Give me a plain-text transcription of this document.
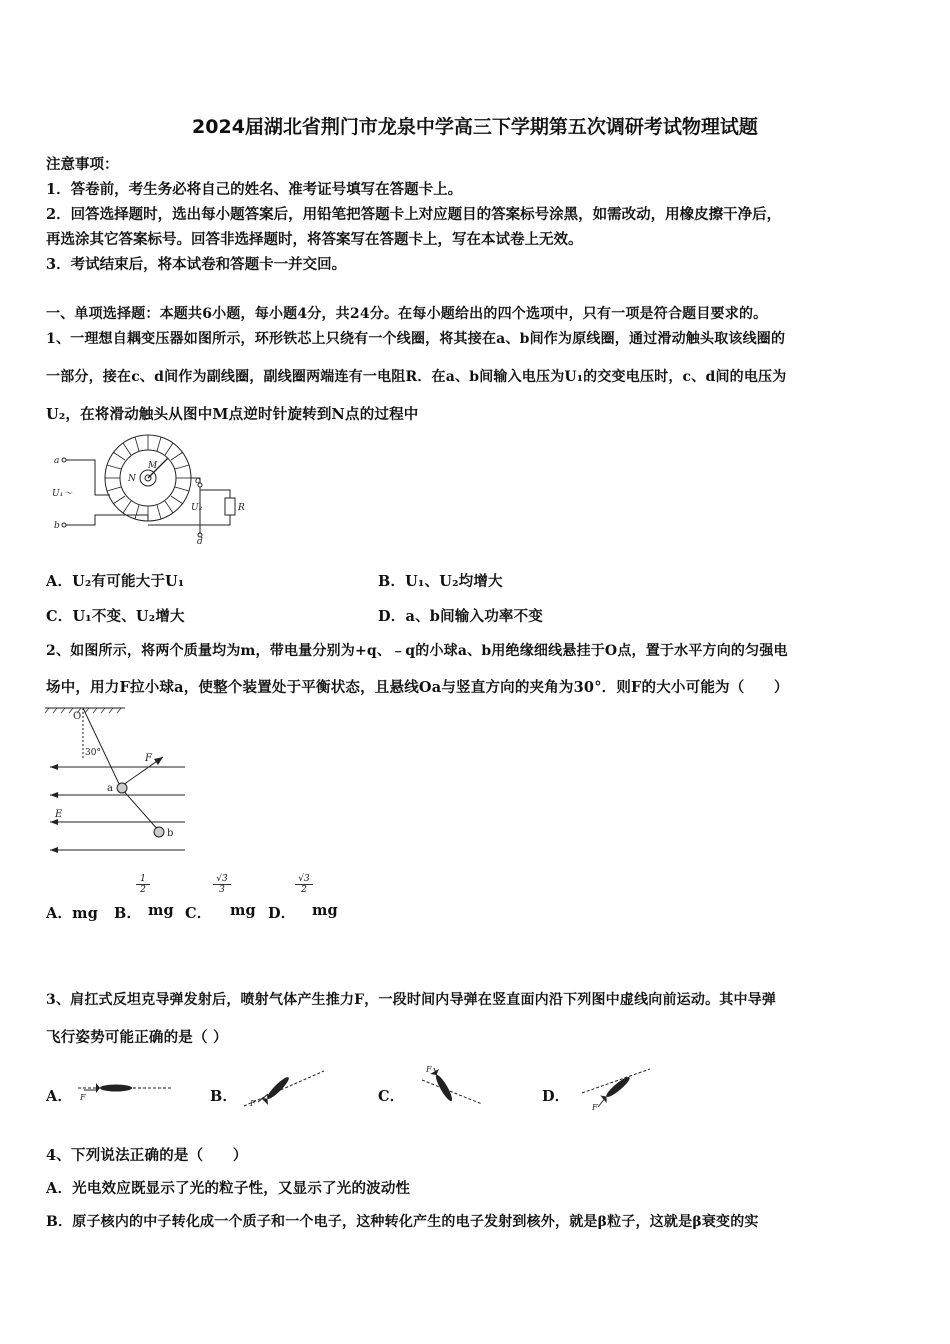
2024届湖北省荆门市龙泉中学高三下学期第五次调研考试物理试题
注意事项：
1．答卷前，考生务必将自己的姓名、准考证号填写在答题卡上。
2．回答选择题时，选出每小题答案后，用铅笔把答题卡上对应题目的答案标号涂黑，如需改动，用橡皮擦干净后，
再选涂其它答案标号。回答非选择题时，将答案写在答题卡上，写在本试卷上无效。
3．考试结束后，将本试卷和答题卡一并交回。
一、单项选择题：本题共6小题，每小题4分，共24分。在每小题给出的四个选项中，只有一项是符合题目要求的。
1、一理想自耦变压器如图所示，环形铁芯上只绕有一个线圈，将其接在a、b间作为原线圈，通过滑动触头取该线圈的
一部分，接在c、d间作为副线圈，副线圈两端连有一电阻R．在a、b间输入电压为U₁的交变电压时，c、d间的电压为
U₂，在将滑动触头从图中M点逆时针旋转到N点的过程中
a
b
c
d
M
N
U₁～
U₂	R
A．U₂有可能大于U₁	B．U₁、U₂均增大
C．U₁不变、U₂增大	D．a、b间输入功率不变
2、如图所示，将两个质量均为m，带电量分别为+q、﹣q的小球a、b用绝缘细线悬挂于O点，置于水平方向的匀强电
场中，用力F拉小球a，使整个装置处于平衡状态，且悬线Oa与竖直方向的夹角为30°．则F的大小可能为（　　）
O
30°	F
a
E
b
A．mg B．
$\frac{1}{2}$
mg C．
$\frac{√3}{3}$
mg D．
$\frac{√3}{2}$
mg
3、肩扛式反坦克导弹发射后，喷射气体产生推力F，一段时间内导弹在竖直面内沿下列图中虚线向前运动。其中导弹
飞行姿势可能正确的是（ ）
A． F	B． F	C．
F
D．
F
4、下列说法正确的是（　　）
A．光电效应既显示了光的粒子性，又显示了光的波动性
B．原子核内的中子转化成一个质子和一个电子，这种转化产生的电子发射到核外，就是β粒子，这就是β衰变的实
